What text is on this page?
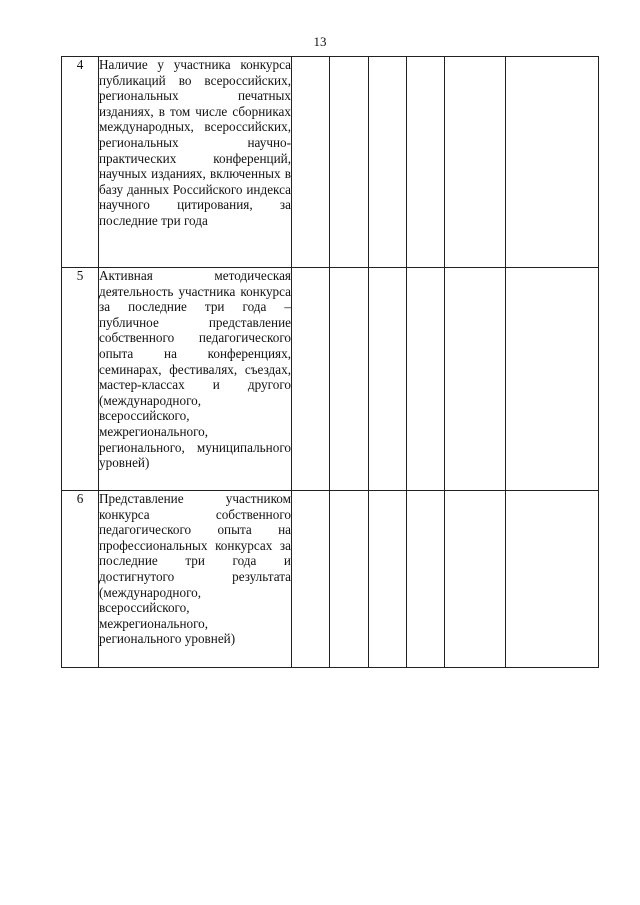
13
4	Наличие у участника конкурса публикаций во всероссийских, региональных печатных изданиях, в том числе сборниках международных, всероссийских, региональных научно-практических конференций, научных изданиях, включенных в базу данных Российского индекса научного цитирования, за последние три года						
5	Активная методическая деятельность участника конкурса за последние три года – публичное представление собственного педагогического опыта на конференциях, семинарах, фестивалях, съездах, мастер-классах и другого (международного, всероссийского, межрегионального, регионального, муниципального уровней)						
6	Представление участником конкурса собственного педагогического опыта на профессиональных конкурсах за последние три года и достигнутого результата (международного, всероссийского, межрегионального, регионального уровней)						
